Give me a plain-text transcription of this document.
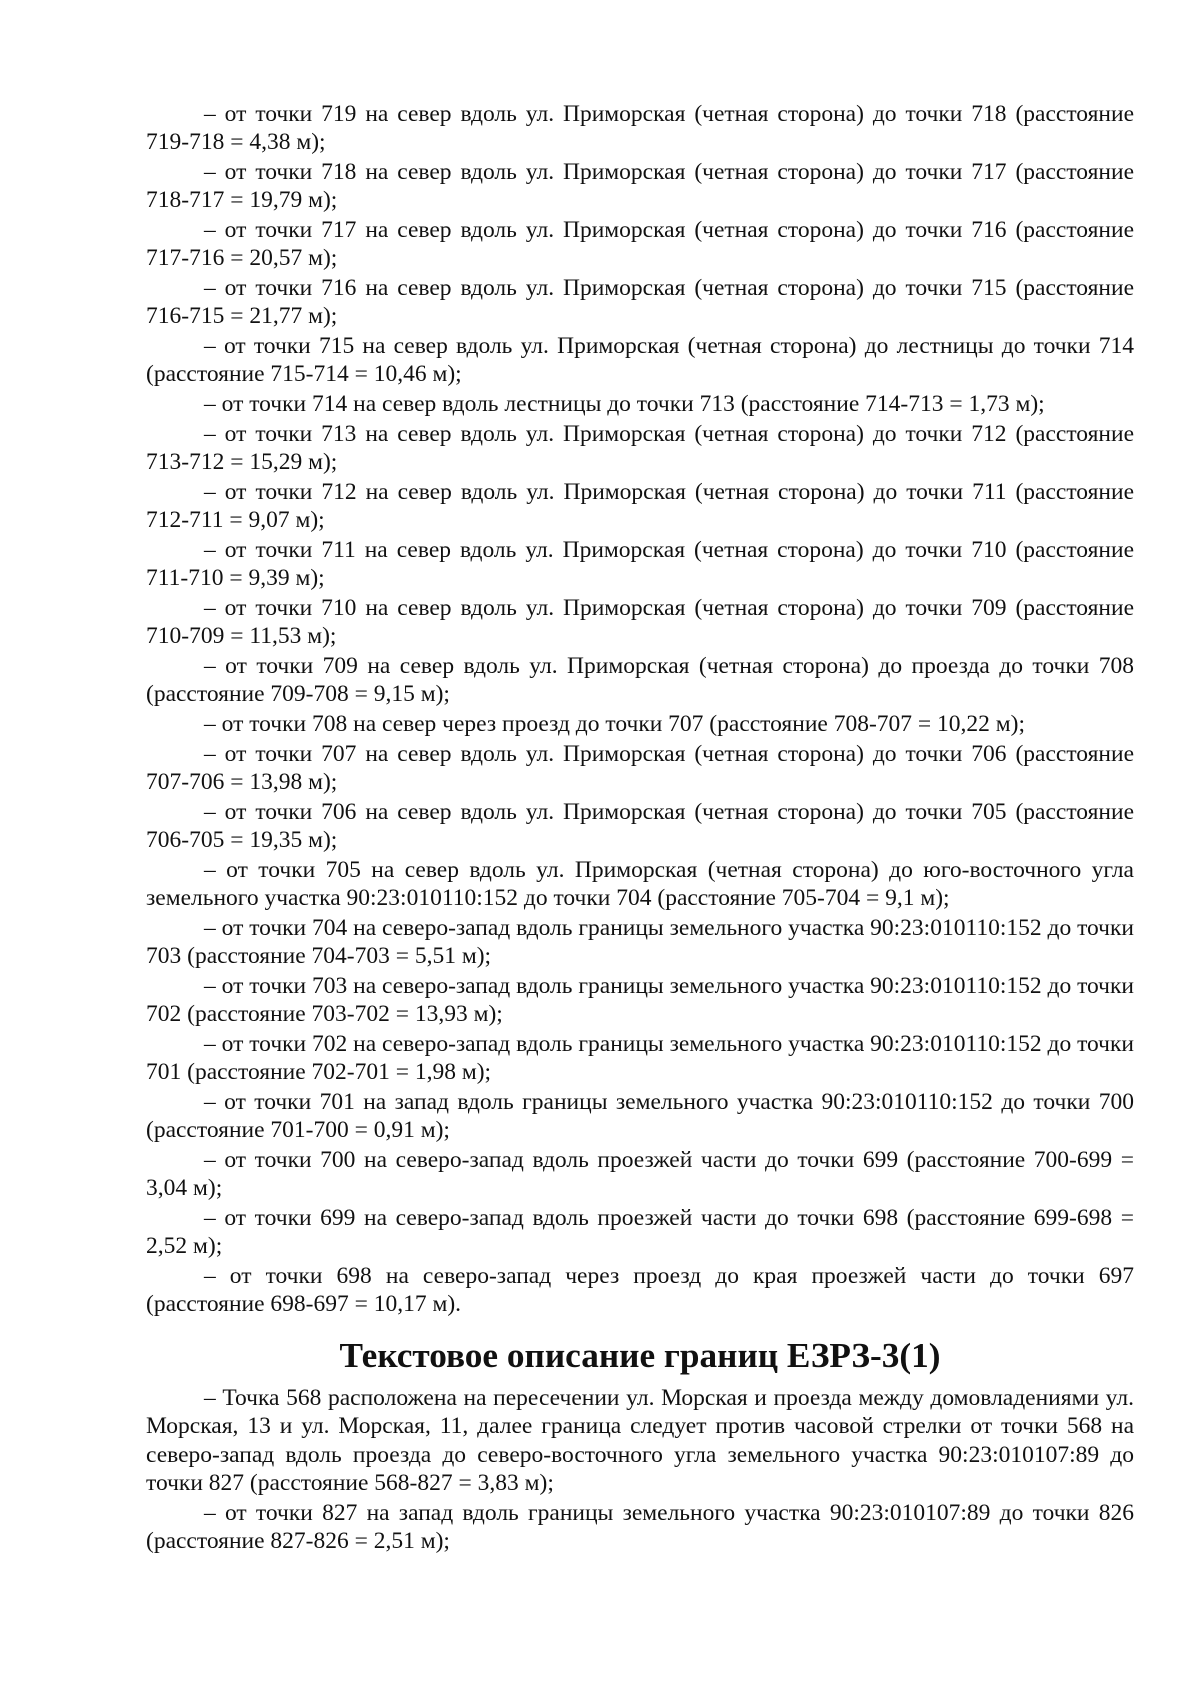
– от точки 719 на север вдоль ул. Приморская (четная сторона) до точки 718 (расстояние 719-718 = 4,38 м);

– от точки 718 на север вдоль ул. Приморская (четная сторона) до точки 717 (расстояние 718-717 = 19,79 м);

– от точки 717 на север вдоль ул. Приморская (четная сторона) до точки 716 (расстояние 717-716 = 20,57 м);

– от точки 716 на север вдоль ул. Приморская (четная сторона) до точки 715 (расстояние 716-715 = 21,77 м);

– от точки 715 на север вдоль ул. Приморская (четная сторона) до лестницы до точки 714 (расстояние 715-714 = 10,46 м);

– от точки 714 на север вдоль лестницы до точки 713 (расстояние 714-713 = 1,73 м);

– от точки 713 на север вдоль ул. Приморская (четная сторона) до точки 712 (расстояние 713-712 = 15,29 м);

– от точки 712 на север вдоль ул. Приморская (четная сторона) до точки 711 (расстояние 712-711 = 9,07 м);

– от точки 711 на север вдоль ул. Приморская (четная сторона) до точки 710 (расстояние 711-710 = 9,39 м);

– от точки 710 на север вдоль ул. Приморская (четная сторона) до точки 709 (расстояние 710-709 = 11,53 м);

– от точки 709 на север вдоль ул. Приморская (четная сторона) до проезда до точки 708 (расстояние 709-708 = 9,15 м);

– от точки 708 на север через проезд до точки 707 (расстояние 708-707 = 10,22 м);

– от точки 707 на север вдоль ул. Приморская (четная сторона) до точки 706 (расстояние 707-706 = 13,98 м);

– от точки 706 на север вдоль ул. Приморская (четная сторона) до точки 705 (расстояние 706-705 = 19,35 м);

– от точки 705 на север вдоль ул. Приморская (четная сторона) до юго-восточного угла земельного участка 90:23:010110:152 до точки 704 (расстояние 705-704 = 9,1 м);

– от точки 704 на северо-запад вдоль границы земельного участка 90:23:010110:152 до точки 703 (расстояние 704-703 = 5,51 м);

– от точки 703 на северо-запад вдоль границы земельного участка 90:23:010110:152 до точки 702 (расстояние 703-702 = 13,93 м);

– от точки 702 на северо-запад вдоль границы земельного участка 90:23:010110:152 до точки 701 (расстояние 702-701 = 1,98 м);

– от точки 701 на запад вдоль границы земельного участка 90:23:010110:152 до точки 700 (расстояние 701-700 = 0,91 м);

– от точки 700 на северо-запад вдоль проезжей части до точки 699 (расстояние 700-699 = 3,04 м);

– от точки 699 на северо-запад вдоль проезжей части до точки 698 (расстояние 699-698 = 2,52 м);

– от точки 698 на северо-запад через проезд до края проезжей части до точки 697 (расстояние 698-697 = 10,17 м).

Текстовое описание границ ЕЗРЗ-3(1)

– Точка 568 расположена на пересечении ул. Морская и проезда между домовладениями ул. Морская, 13 и ул. Морская, 11, далее граница следует против часовой стрелки от точки 568 на северо-запад вдоль проезда до северо-восточного угла земельного участка 90:23:010107:89 до точки 827 (расстояние 568-827 = 3,83 м);

– от точки 827 на запад вдоль границы земельного участка 90:23:010107:89 до точки 826 (расстояние 827-826 = 2,51 м);
